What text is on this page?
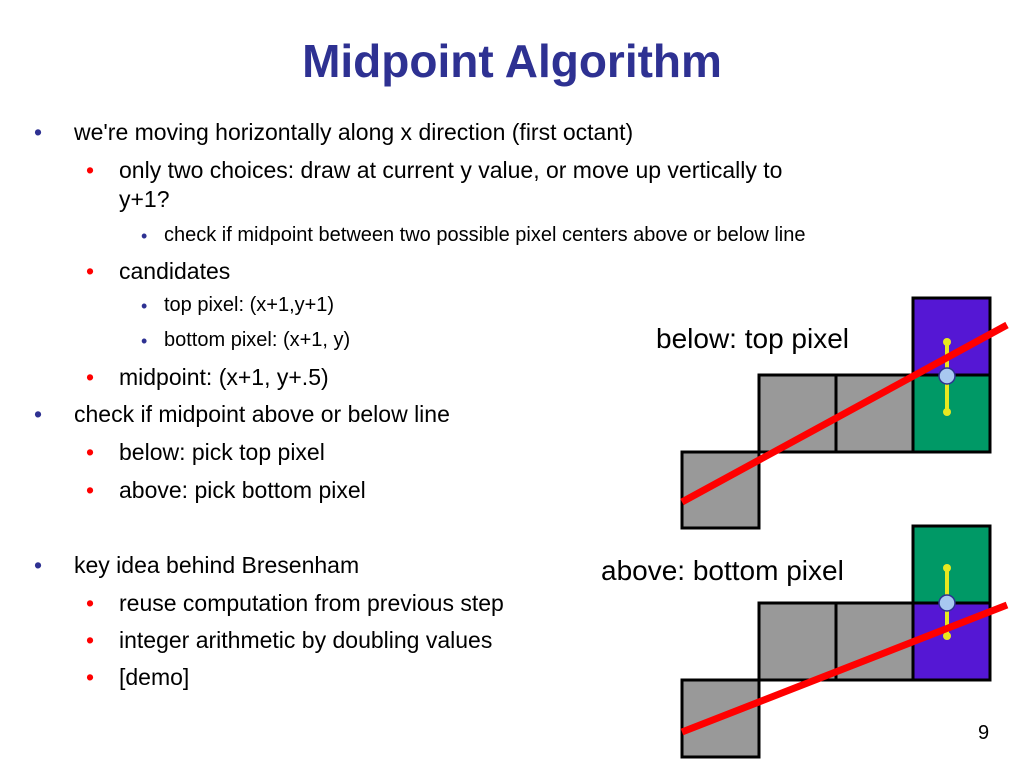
Midpoint Algorithm
• we're moving horizontally along x direction (first octant)
• only two choices: draw at current y value, or move up vertically to
y+1?
• check if midpoint between two possible pixel centers above or below line
• candidates
• top pixel: (x+1,y+1)
• bottom pixel: (x+1, y)
• midpoint: (x+1, y+.5)
• check if midpoint above or below line
• below: pick top pixel
• above: pick bottom pixel
• key idea behind Bresenham
• reuse computation from previous step
• integer arithmetic by doubling values
• [demo]
below: top pixel
above: bottom pixel
9
